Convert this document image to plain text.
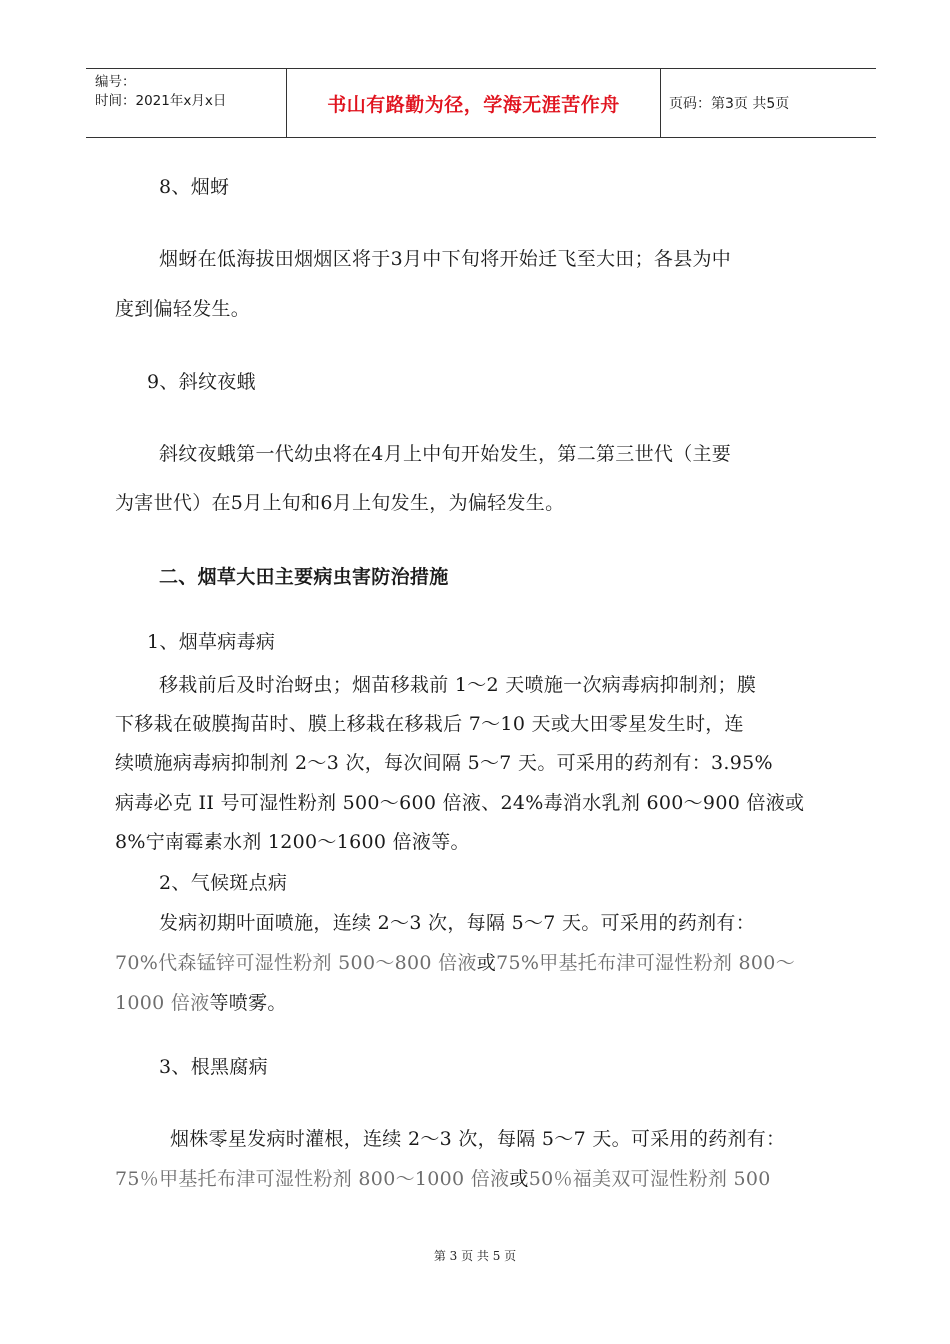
编号：
时间：2021年x月x日	书山有路勤为径，学海无涯苦作舟	页码：第3页 共5页
8、烟蚜
烟蚜在低海拔田烟烟区将于3月中下旬将开始迁飞至大田；各县为中
度到偏轻发生。
9、斜纹夜蛾
斜纹夜蛾第一代幼虫将在4月上中旬开始发生，第二第三世代（主要
为害世代）在5月上旬和6月上旬发生，为偏轻发生。
二、烟草大田主要病虫害防治措施
1、烟草病毒病
移栽前后及时治蚜虫；烟苗移栽前 1～2 天喷施一次病毒病抑制剂；膜
下移栽在破膜掏苗时、膜上移栽在移栽后 7～10 天或大田零星发生时，连
续喷施病毒病抑制剂 2～3 次，每次间隔 5～7 天。可采用的药剂有：3.95%
病毒必克 II 号可湿性粉剂 500～600 倍液、24%毒消水乳剂 600～900 倍液或
8%宁南霉素水剂 1200～1600 倍液等。
2、气候斑点病
发病初期叶面喷施，连续 2～3 次，每隔 5～7 天。可采用的药剂有：
70%代森锰锌可湿性粉剂 500～800 倍液或75%甲基托布津可湿性粉剂 800～
1000 倍液等喷雾。
3、根黑腐病
烟株零星发病时灌根，连续 2～3 次，每隔 5～7 天。可采用的药剂有：
75％甲基托布津可湿性粉剂 800～1000 倍液或50％福美双可湿性粉剂 500
第 3 页 共 5 页
